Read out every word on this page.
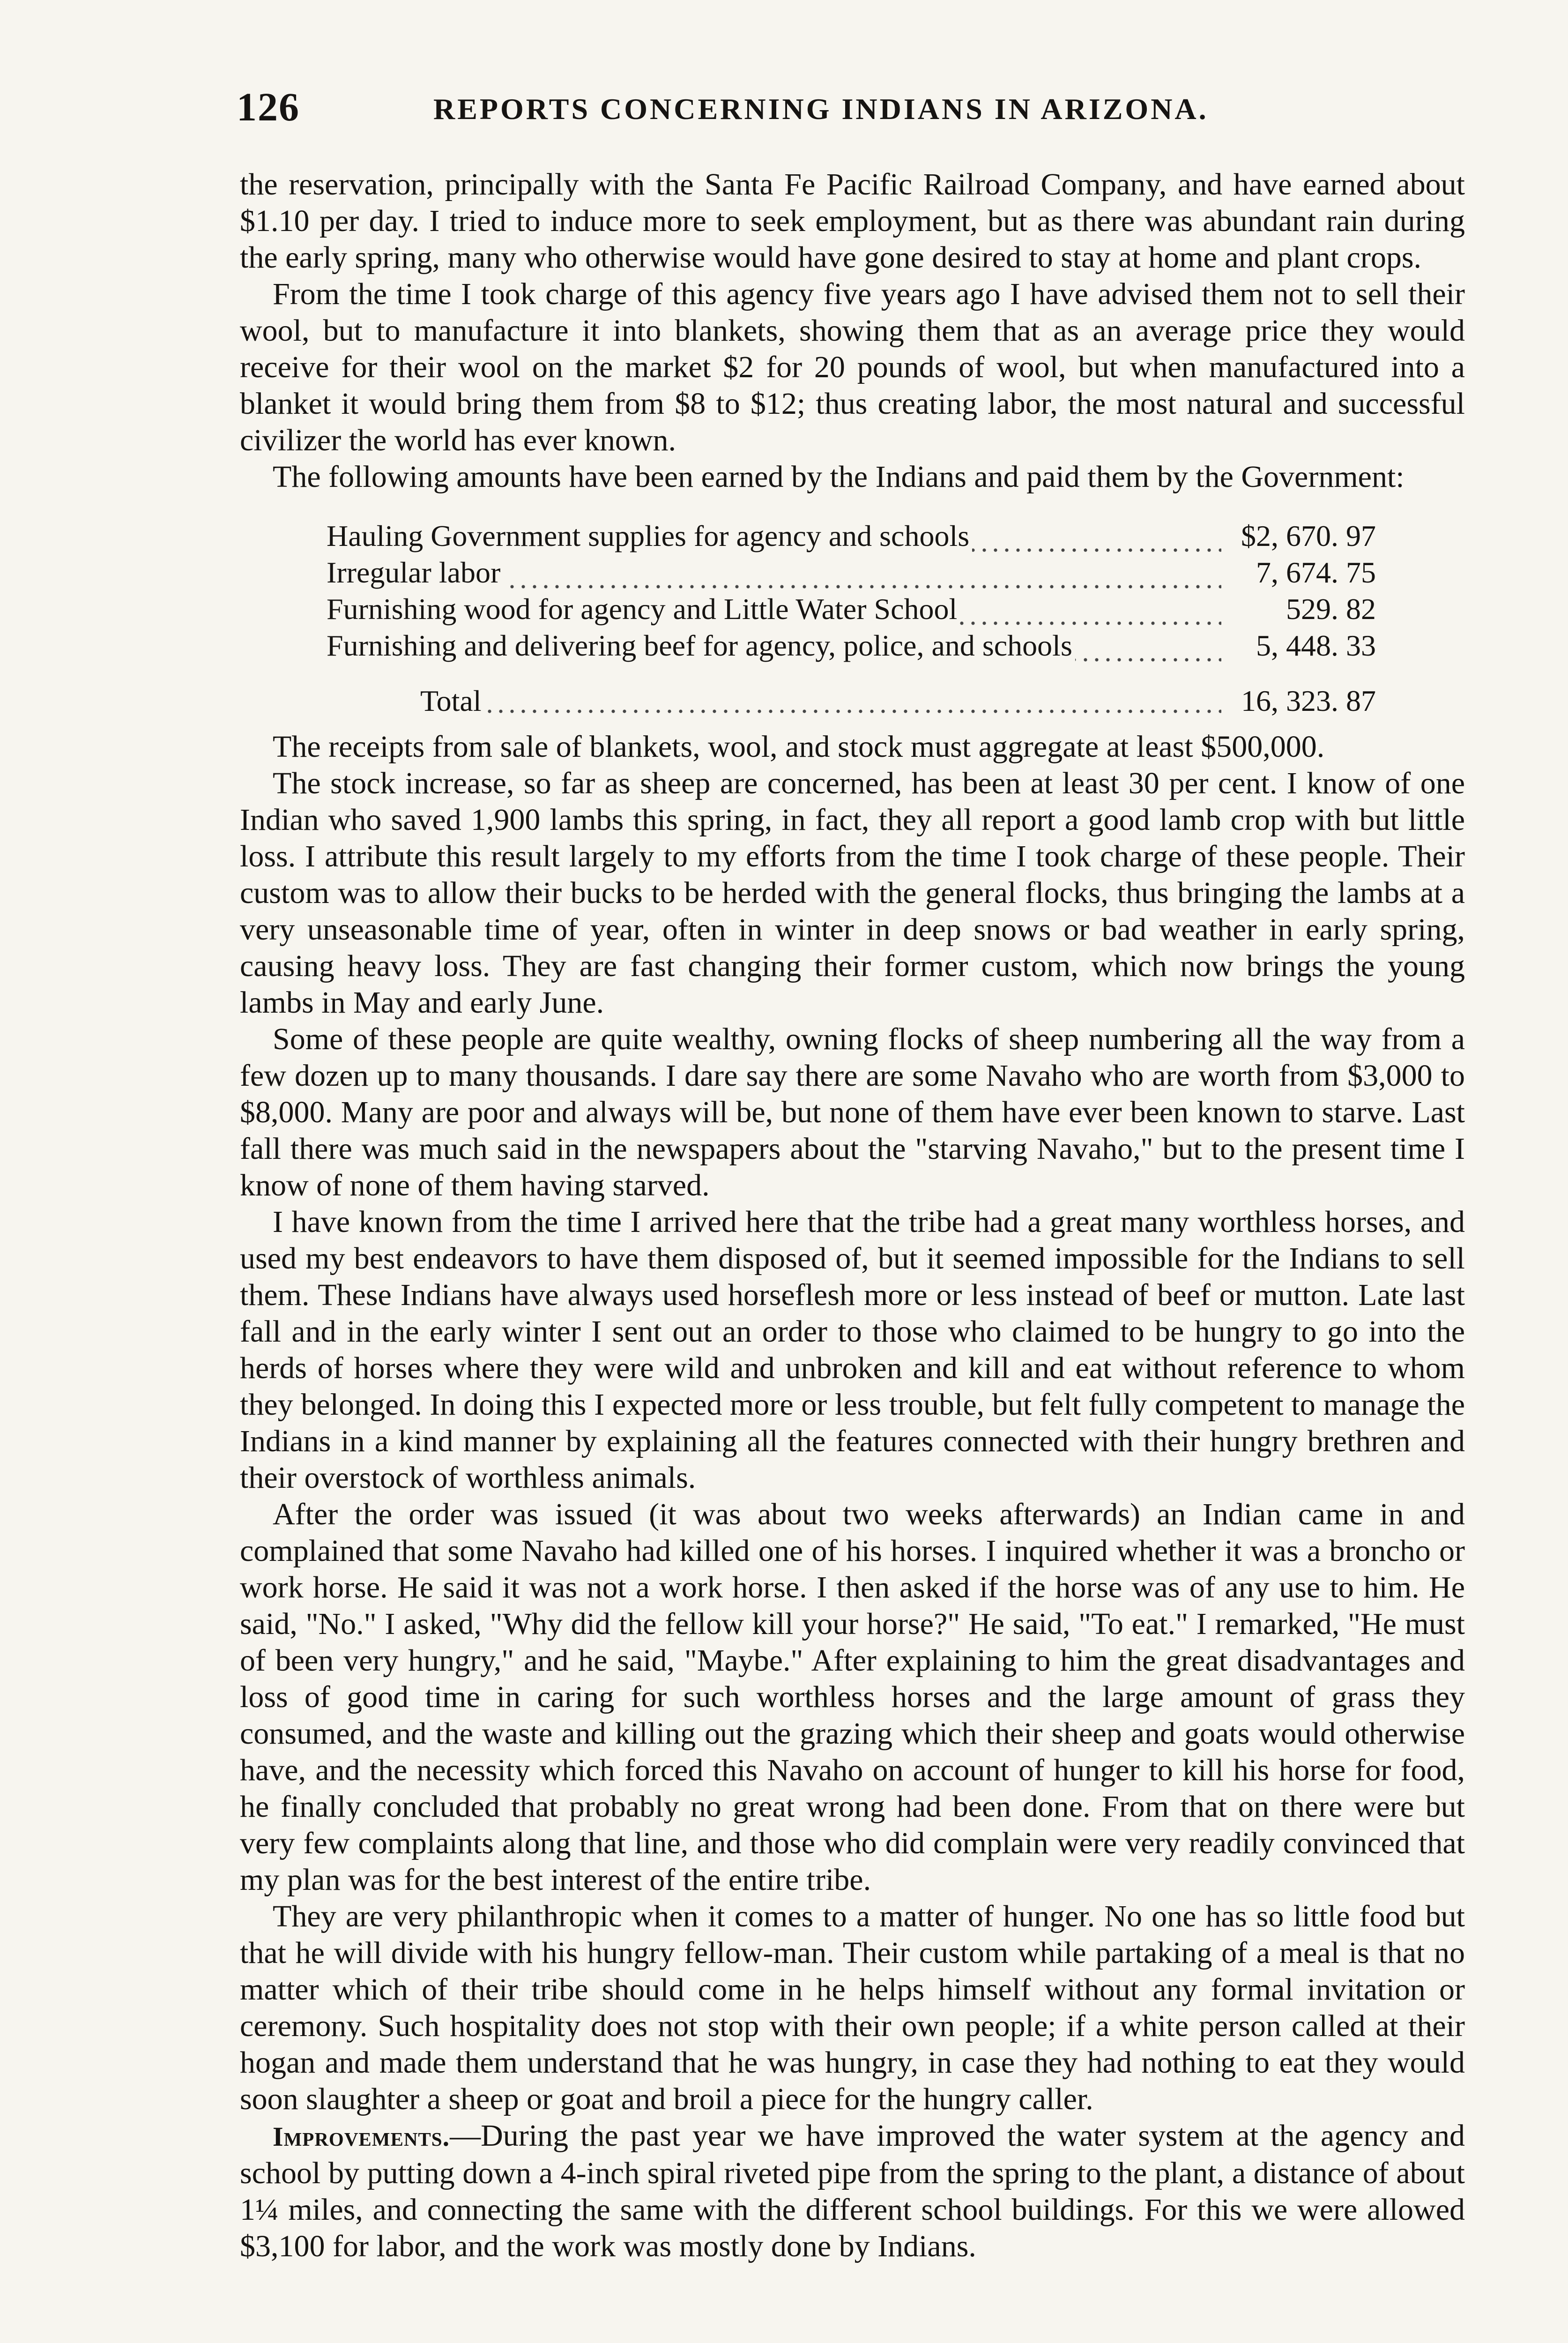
126	REPORTS CONCERNING INDIANS IN ARIZONA.

the reservation, principally with the Santa Fe Pacific Railroad Company, and have earned about $1.10 per day. I tried to induce more to seek employment, but as there was abundant rain during the early spring, many who otherwise would have gone desired to stay at home and plant crops.

From the time I took charge of this agency five years ago I have advised them not to sell their wool, but to manufacture it into blankets, showing them that as an average price they would receive for their wool on the market $2 for 20 pounds of wool, but when manufactured into a blanket it would bring them from $8 to $12; thus creating labor, the most natural and successful civilizer the world has ever known.

The following amounts have been earned by the Indians and paid them by the Government:

Hauling Government supplies for agency and schools	$2, 670. 97
Irregular labor	7, 674. 75
Furnishing wood for agency and Little Water School	529. 82
Furnishing and delivering beef for agency, police, and schools	5, 448. 33
Total	16, 323. 87

The receipts from sale of blankets, wool, and stock must aggregate at least $500,000.

The stock increase, so far as sheep are concerned, has been at least 30 per cent. I know of one Indian who saved 1,900 lambs this spring, in fact, they all report a good lamb crop with but little loss. I attribute this result largely to my efforts from the time I took charge of these people. Their custom was to allow their bucks to be herded with the general flocks, thus bringing the lambs at a very unseasonable time of year, often in winter in deep snows or bad weather in early spring, causing heavy loss. They are fast changing their former custom, which now brings the young lambs in May and early June.

Some of these people are quite wealthy, owning flocks of sheep numbering all the way from a few dozen up to many thousands. I dare say there are some Navaho who are worth from $3,000 to $8,000. Many are poor and always will be, but none of them have ever been known to starve. Last fall there was much said in the newspapers about the "starving Navaho," but to the present time I know of none of them having starved.

I have known from the time I arrived here that the tribe had a great many worthless horses, and used my best endeavors to have them disposed of, but it seemed impossible for the Indians to sell them. These Indians have always used horseflesh more or less instead of beef or mutton. Late last fall and in the early winter I sent out an order to those who claimed to be hungry to go into the herds of horses where they were wild and unbroken and kill and eat without reference to whom they belonged. In doing this I expected more or less trouble, but felt fully competent to manage the Indians in a kind manner by explaining all the features connected with their hungry brethren and their overstock of worthless animals.

After the order was issued (it was about two weeks afterwards) an Indian came in and complained that some Navaho had killed one of his horses. I inquired whether it was a broncho or work horse. He said it was not a work horse. I then asked if the horse was of any use to him. He said, "No." I asked, "Why did the fellow kill your horse?" He said, "To eat." I remarked, "He must of been very hungry," and he said, "Maybe." After explaining to him the great disadvantages and loss of good time in caring for such worthless horses and the large amount of grass they consumed, and the waste and killing out the grazing which their sheep and goats would otherwise have, and the necessity which forced this Navaho on account of hunger to kill his horse for food, he finally concluded that probably no great wrong had been done. From that on there were but very few complaints along that line, and those who did complain were very readily convinced that my plan was for the best interest of the entire tribe.

They are very philanthropic when it comes to a matter of hunger. No one has so little food but that he will divide with his hungry fellow-man. Their custom while partaking of a meal is that no matter which of their tribe should come in he helps himself without any formal invitation or ceremony. Such hospitality does not stop with their own people; if a white person called at their hogan and made them understand that he was hungry, in case they had nothing to eat they would soon slaughter a sheep or goat and broil a piece for the hungry caller.

Improvements.—During the past year we have improved the water system at the agency and school by putting down a 4-inch spiral riveted pipe from the spring to the plant, a distance of about 1¼ miles, and connecting the same with the different school buildings. For this we were allowed $3,100 for labor, and the work was mostly done by Indians.
